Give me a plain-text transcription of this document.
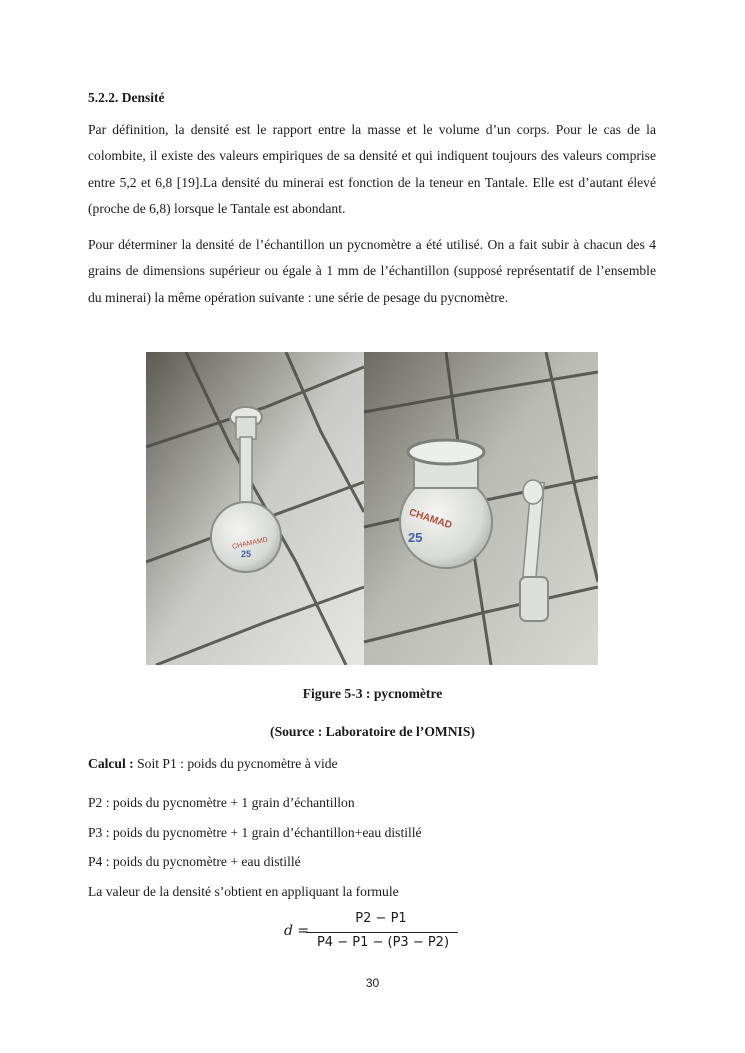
5.2.2. Densité

Par définition, la densité est le rapport entre la masse et le volume d’un corps. Pour le cas de la colombite, il existe des valeurs empiriques de sa densité et qui indiquent toujours des valeurs comprise entre 5,2 et 6,8 [19].La densité du minerai est fonction de la teneur en Tantale. Elle est d’autant élevé (proche de 6,8) lorsque le Tantale est abondant.

Pour déterminer la densité de l’échantillon un pycnomètre a été utilisé. On a fait subir à chacun des 4 grains de dimensions supérieur ou égale à 1 mm de l’échantillon (supposé représentatif de l’ensemble du minerai) la même opération suivante : une série de pesage du pycnomètre.

CHAMAMD
25
CHAMAD
25
Figure 5-3 : pycnomètre
(Source : Laboratoire de l’OMNIS)
Calcul : Soit P1 : poids du pycnomètre à vide
P2 : poids du pycnomètre + 1 grain d’échantillon
P3 : poids du pycnomètre + 1 grain d’échantillon+eau distillé
P4 : poids du pycnomètre + eau distillé
La valeur de la densité s’obtient en appliquant la formule
d =
P2 − P1
P4 − P1 − (P3 − P2)
30
